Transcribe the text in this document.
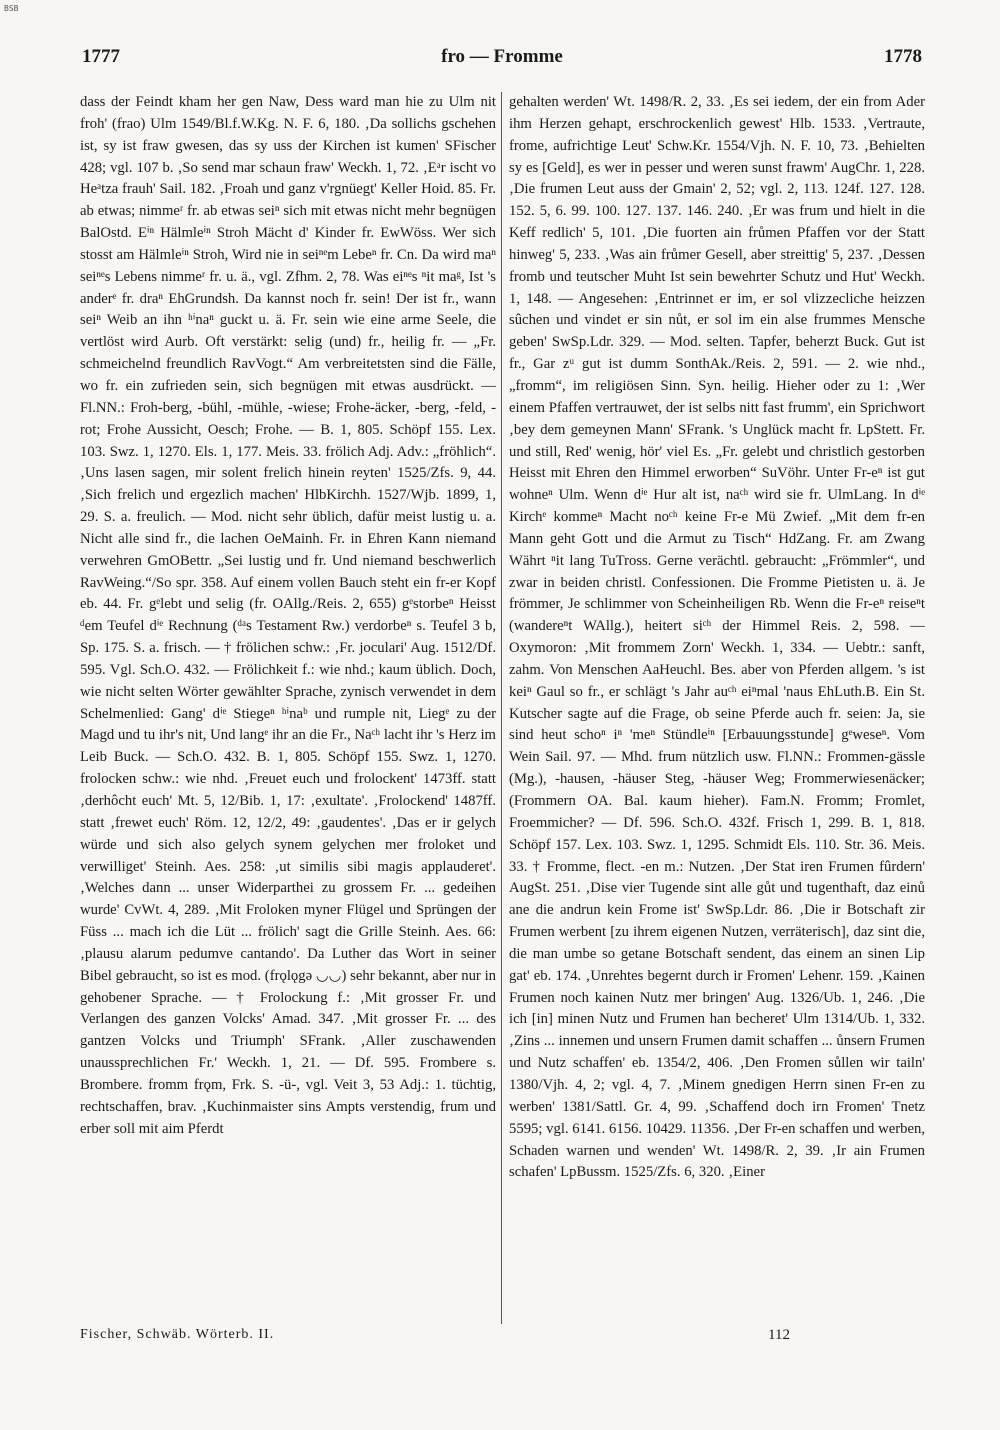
BSB
1777	fro — Fromme	1778

dass der Feindt kham her gen Naw, Dess ward man hie zu Ulm nit froh' (frao) Ulm 1549/Bl.f.W.Kg. N. F. 6, 180. ‚Da sollichs gschehen ist, sy ist fraw gwesen, das sy uss der Kirchen ist kumen' SFischer 428; vgl. 107 b. ‚So send mar schaun fraw' Weckh. 1, 72. ‚Eᵃr ischt vo Heᵃtza frauh' Sail. 182. ‚Froah und ganz v'rgnüegt' Keller Hoid. 85. Fr. ab etwas; nimmeʳ fr. ab etwas seiⁿ sich mit etwas nicht mehr begnügen BalOstd. Eⁱⁿ Hälmleⁱⁿ Stroh Mächt d' Kinder fr. EwWöss. Wer sich stosst am Hälmleⁱⁿ Stroh, Wird nie in seiⁿᵉm Lebeⁿ fr. Cn. Da wird maⁿ seiⁿᵉs Lebens nimmeʳ fr. u. ä., vgl. Zfhm. 2, 78. Was eiⁿᵉs ⁿit maᵍ, Ist 's anderᵉ fr. draⁿ EhGrundsh. Da kannst noch fr. sein! Der ist fr., wann seiⁿ Weib an ihn ʰⁱnaⁿ guckt u. ä. Fr. sein wie eine arme Seele, die vertlöst wird Aurb. Oft verstärkt: selig (und) fr., heilig fr. — „Fr. schmeichelnd freundlich RavVogt.“ Am verbreitetsten sind die Fälle, wo fr. ein zufrieden sein, sich begnügen mit etwas ausdrückt. — Fl.NN.: Froh-berg, -bühl, -mühle, -wiese; Frohe-äcker, -berg, -feld, -rot; Frohe Aussicht, Oesch; Frohe. — B. 1, 805. Schöpf 155. Lex. 103. Swz. 1, 1270. Els. 1, 177. Meis. 33. frölich Adj. Adv.: „fröhlich“. ‚Uns lasen sagen, mir solent frelich hinein reyten' 1525/Zfs. 9, 44. ‚Sich frelich und ergezlich machen' HlbKirchh. 1527/Wjb. 1899, 1, 29. S. a. freulich. — Mod. nicht sehr üblich, dafür meist lustig u. a. Nicht alle sind fr., die lachen OeMainh. Fr. in Ehren Kann niemand verwehren GmOBettr. „Sei lustig und fr. Und niemand beschwerlich RavWeing.“/So spr. 358. Auf einem vollen Bauch steht ein fr-er Kopf eb. 44. Fr. gᵉlebt und selig (fr. OAllg./Reis. 2, 655) gᵉstorbeⁿ Heisst ᵈem Teufel dⁱᵉ Rechnung (ᵈᵃs Testament Rw.) verdorbeⁿ s. Teufel 3 b, Sp. 175. S. a. frisch. — † frölichen schw.: ‚Fr. joculari' Aug. 1512/Df. 595. Vgl. Sch.O. 432. — Frölichkeit f.: wie nhd.; kaum üblich. Doch, wie nicht selten Wörter gewählter Sprache, zynisch verwendet in dem Schelmenlied: Gang' dⁱᵉ Stiegeⁿ ʰⁱnaᵇ und rumple nit, Liegᵉ zu der Magd und tu ihr's nit, Und langᵉ ihr an die Fr., Naᶜʰ lacht ihr 's Herz im Leib Buck. — Sch.O. 432. B. 1, 805. Schöpf 155. Swz. 1, 1270. frolocken schw.: wie nhd. ‚Freuet euch und frolockent' 1473ff. statt ‚derhôcht euch' Mt. 5, 12/Bib. 1, 17: ‚exultate'. ‚Frolockend' 1487ff. statt ‚frewet euch' Röm. 12, 12/2, 49: ‚gaudentes'. ‚Das er ir gelych würde und sich also gelych synem gelychen mer froloket und verwilliget' Steinh. Aes. 258: ‚ut similis sibi magis applauderet'. ‚Welches dann ... unser Widerparthei zu grossem Fr. ... gedeihen wurde' CvWt. 4, 289. ‚Mit Froloken myner Flügel und Sprüngen der Füss ... mach ich die Lüt ... frölich' sagt die Grille Steinh. Aes. 66: ‚plausu alarum pedumve cantando'. Da Luther das Wort in seiner Bibel gebraucht, so ist es mod. (frǫlǫgə ◡◡) sehr bekannt, aber nur in gehobener Sprache. — † Frolockung f.: ‚Mit grosser Fr. und Verlangen des ganzen Volcks' Amad. 347. ‚Mit grosser Fr. ... des gantzen Volcks und Triumph' SFrank. ‚Aller zuschawenden unaussprechlichen Fr.' Weckh. 1, 21. — Df. 595. Frombere s. Brombere. fromm frǫm, Frk. S. -ü-, vgl. Veit 3, 53 Adj.: 1. tüchtig, rechtschaffen, brav. ‚Kuchinmaister sins Ampts verstendig, frum und erber soll mit aim Pferdt

gehalten werden' Wt. 1498/R. 2, 33. ‚Es sei iedem, der ein from Ader ihm Herzen gehapt, erschrockenlich gewest' Hlb. 1533. ‚Vertraute, frome, aufrichtige Leut' Schw.Kr. 1554/Vjh. N. F. 10, 73. ‚Behielten sy es [Geld], es wer in pesser und weren sunst frawm' AugChr. 1, 228. ‚Die frumen Leut auss der Gmain' 2, 52; vgl. 2, 113. 124f. 127. 128. 152. 5, 6. 99. 100. 127. 137. 146. 240. ‚Er was frum und hielt in die Keff redlich' 5, 101. ‚Die fuorten ain frůmen Pfaffen vor der Statt hinweg' 5, 233. ‚Was ain frůmer Gesell, aber streittig' 5, 237. ‚Dessen fromb und teutscher Muht Ist sein bewehrter Schutz und Hut' Weckh. 1, 148. — Angesehen: ‚Entrinnet er im, er sol vlizzecliche heizzen sûchen und vindet er sin nůt, er sol im ein alse frummes Mensche geben' SwSp.Ldr. 329. — Mod. selten. Tapfer, beherzt Buck. Gut ist fr., Gar zᵘ gut ist dumm SonthAk./Reis. 2, 591. — 2. wie nhd., „fromm“, im religiösen Sinn. Syn. heilig. Hieher oder zu 1: ‚Wer einem Pfaffen vertrauwet, der ist selbs nitt fast frumm', ein Sprichwort ‚bey dem gemeynen Mann' SFrank. 's Unglück macht fr. LpStett. Fr. und still, Red' wenig, hör' viel Es. „Fr. gelebt und christlich gestorben Heisst mit Ehren den Himmel erworben“ SuVöhr. Unter Fr-eⁿ ist gut wohneⁿ Ulm. Wenn dⁱᵉ Hur alt ist, naᶜʰ wird sie fr. UlmLang. In dⁱᵉ Kirchᵉ kommeⁿ Macht noᶜʰ keine Fr-e Mü Zwief. „Mit dem fr-en Mann geht Gott und die Armut zu Tisch“ HdZang. Fr. am Zwang Währt ⁿit lang TuTross. Gerne verächtl. gebraucht: „Frömmler“, und zwar in beiden christl. Confessionen. Die Fromme Pietisten u. ä. Je frömmer, Je schlimmer von Scheinheiligen Rb. Wenn die Fr-eⁿ reiseⁿt (wandereⁿt WAllg.), heitert siᶜʰ der Himmel Reis. 2, 598. — Oxymoron: ‚Mit frommem Zorn' Weckh. 1, 334. — Uebtr.: sanft, zahm. Von Menschen AaHeuchl. Bes. aber von Pferden allgem. 's ist keiⁿ Gaul so fr., er schlägt 's Jahr auᶜʰ eiⁿmal 'naus EhLuth.B. Ein St. Kutscher sagte auf die Frage, ob seine Pferde auch fr. seien: Ja, sie sind heut schoⁿ iⁿ 'meⁿ Stündleⁱⁿ [Erbauungsstunde] gᵉweseⁿ. Vom Wein Sail. 97. — Mhd. frum nützlich usw. Fl.NN.: Frommen-gässle (Mg.), -hausen, -häuser Steg, -häuser Weg; Frommerwiesenäcker; (Frommern OA. Bal. kaum hieher). Fam.N. Fromm; Fromlet, Froemmicher? — Df. 596. Sch.O. 432f. Frisch 1, 299. B. 1, 818. Schöpf 157. Lex. 103. Swz. 1, 1295. Schmidt Els. 110. Str. 36. Meis. 33. † Fromme, flect. -en m.: Nutzen. ‚Der Stat iren Frumen fûrdern' AugSt. 251. ‚Dise vier Tugende sint alle gůt und tugenthaft, daz einů ane die andrun kein Frome ist' SwSp.Ldr. 86. ‚Die ir Botschaft zir Frumen werbent [zu ihrem eigenen Nutzen, verräterisch], daz sint die, die man umbe so getane Botschaft sendent, das einem an sinen Lip gat' eb. 174. ‚Unrehtes begernt durch ir Fromen' Lehenr. 159. ‚Kainen Frumen noch kainen Nutz mer bringen' Aug. 1326/Ub. 1, 246. ‚Die ich [in] minen Nutz und Frumen han becheret' Ulm 1314/Ub. 1, 332. ‚Zins ... innemen und unsern Frumen damit schaffen ... ůnsern Frumen und Nutz schaffen' eb. 1354/2, 406. ‚Den Fromen sůllen wir tailn' 1380/Vjh. 4, 2; vgl. 4, 7. ‚Minem gnedigen Herrn sinen Fr-en zu werben' 1381/Sattl. Gr. 4, 99. ‚Schaffend doch irn Fromen' Tnetz 5595; vgl. 6141. 6156. 10429. 11356. ‚Der Fr-en schaffen und werben, Schaden warnen und wenden' Wt. 1498/R. 2, 39. ‚Ir ain Frumen schafen' LpBussm. 1525/Zfs. 6, 320. ‚Einer

Fischer, Schwäb. Wörterb. II.	112
